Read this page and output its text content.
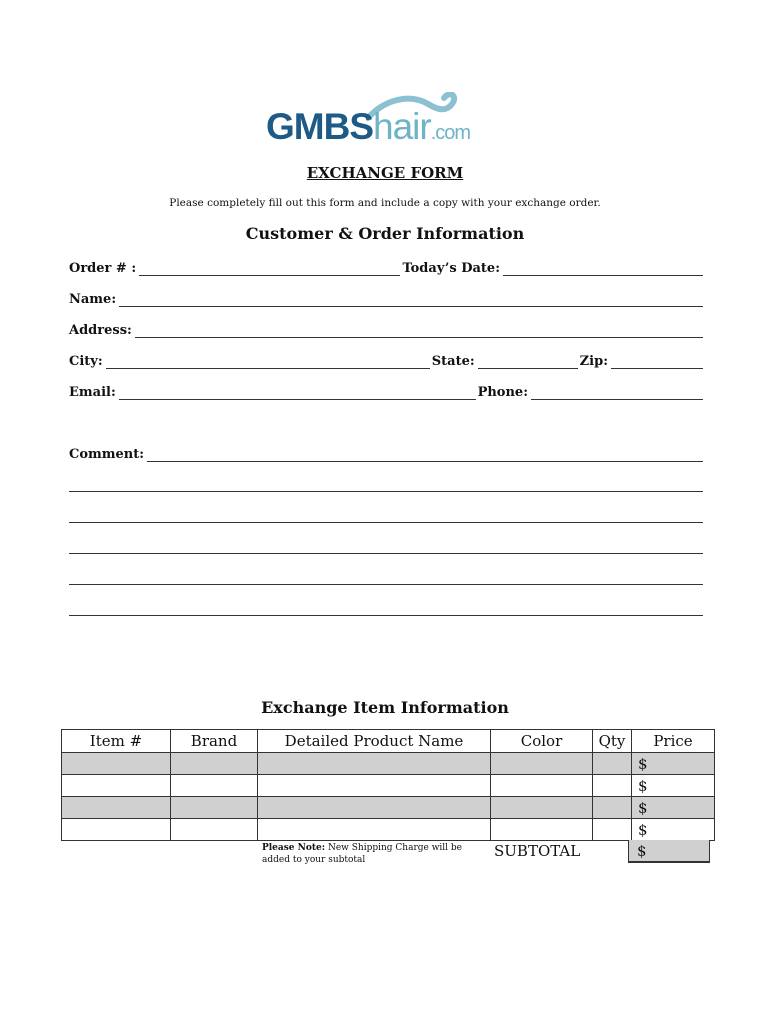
GMBShair.com
EXCHANGE FORM
Please completely fill out this form and include a copy with your exchange order.
Customer & Order Information
Order # :	Today’s Date:
Name:
Address:
City:	State:	Zip:
Email:	Phone:
Comment:
Exchange Item Information
Item #	Brand	Detailed Product Name	Color	Qty	Price
					$
					$
					$
					$
Please Note: New Shipping Charge will be added to your subtotal	SUBTOTAL	$
